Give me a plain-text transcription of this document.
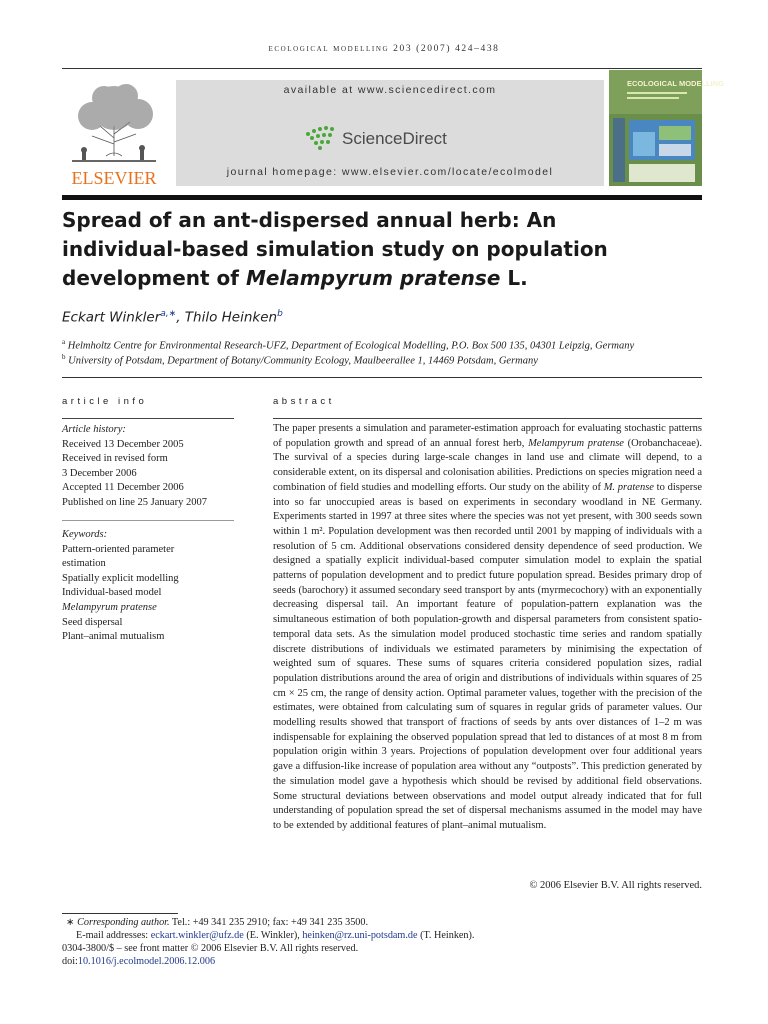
ecological modelling 203 (2007) 424–438
ELSEVIER
available at www.sciencedirect.com
ScienceDirect
journal homepage: www.elsevier.com/locate/ecolmodel
ECOLOGICAL MODELLING
Spread of an ant-dispersed annual herb: An
individual-based simulation study on population
development of Melampyrum pratense L.
Eckart Winkler$^{a,∗}$, Thilo Heinken$^b$
$^a$ Helmholtz Centre for Environmental Research-UFZ, Department of Ecological Modelling, P.O. Box 500 135, 04301 Leipzig, Germany
$^b$ University of Potsdam, Department of Botany/Community Ecology, Maulbeerallee 1, 14469 Potsdam, Germany
article info
Article history:
Received 13 December 2005
Received in revised form
3 December 2006
Accepted 11 December 2006
Published on line 25 January 2007
Keywords:
Pattern-oriented parameter
estimation
Spatially explicit modelling
Individual-based model
Melampyrum pratense
Seed dispersal
Plant–animal mutualism
abstract
The paper presents a simulation and parameter-estimation approach for evaluating stochastic patterns of population growth and spread of an annual forest herb, Melampyrum pratense (Orobanchaceae). The survival of a species during large-scale changes in land use and climate will depend, to a considerable extent, on its dispersal and colonisation abilities. Predictions on species migration need a combination of field studies and modelling efforts. Our study on the ability of M. pratense to disperse into so far unoccupied areas is based on experiments in secondary woodland in NE Germany. Experiments started in 1997 at three sites where the species was not yet present, with 300 seeds sown within 1 m². Population development was then recorded until 2001 by mapping of individuals with a resolution of 5 cm. Additional observations considered density dependence of seed production. We designed a spatially explicit individual-based computer simulation model to explain the spatial patterns of population development and to predict future population spread. Besides primary drop of seeds (barochory) it assumed secondary seed transport by ants (myrmecochory) with an exponentially decreasing dispersal tail. An important feature of population-pattern explanation was the simultaneous estimation of both population-growth and dispersal parameters from consistent spatio-temporal data sets. As the simulation model produced stochastic time series and random spatially discrete distributions of individuals we estimated parameters by minimising the expectation of weighted sum of squares. These sums of squares criteria considered population sizes, radial population distributions around the area of origin and distributions of individuals within squares of 25 cm × 25 cm, the range of density action. Optimal parameter values, together with the precision of the estimates, were obtained from calculating sum of squares in regular grids of parameter values. Our modelling results showed that transport of fractions of seeds by ants over distances of 1–2 m was indispensable for explaining the observed population spread that led to distances of at most 8 m from population origin within 3 years. Projections of population development over four additional years gave a diffusion-like increase of population area without any “outposts”. This prediction generated by the simulation model gave a hypothesis which should be revised by additional field observations. Some structural deviations between observations and model output already indicated that for full understanding of population spread the set of dispersal mechanisms assumed in the model may have to be extended by additional features of plant–animal mutualism.
© 2006 Elsevier B.V. All rights reserved.
∗ Corresponding author. Tel.: +49 341 235 2910; fax: +49 341 235 3500.
E-mail addresses: eckart.winkler@ufz.de (E. Winkler), heinken@rz.uni-potsdam.de (T. Heinken).
0304-3800/$ – see front matter © 2006 Elsevier B.V. All rights reserved.
doi:10.1016/j.ecolmodel.2006.12.006
